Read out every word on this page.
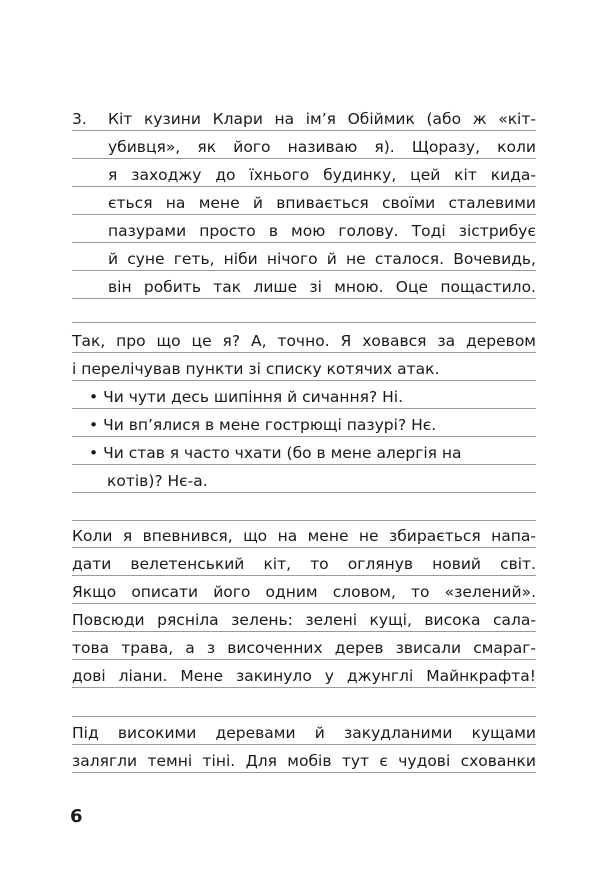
3. Кіт кузини Клари на ім’я Обіймик (або ж «кіт-
убивця», як його називаю я). Щоразу, коли
я заходжу до їхнього будинку, цей кіт кида-
ється на мене й впивається своїми сталевими
пазурами просто в мою голову. Тоді зістрибує
й суне геть, ніби нічого й не сталося. Вочевидь,
він робить так лише зі мною. Оце пощастило.
Так, про що це я? А, точно. Я ховався за деревом
і перелічував пункти зі списку котячих атак.
• Чи чути десь шипіння й сичання? Ні.
• Чи вп’ялися в мене гострющі пазурі? Нє.
• Чи став я часто чхати (бо в мене алергія на
котів)? Нє-а.
Коли я впевнився, що на мене не збирається напа-
дати велетенський кіт, то оглянув новий світ.
Якщо описати його одним словом, то «зелений».
Повсюди рясніла зелень: зелені кущі, висока сала-
това трава, а з височенних дерев звисали смараг-
дові ліани. Мене закинуло у джунглі Майнкрафта!
Під високими деревами й закудланими кущами
залягли темні тіні. Для мобів тут є чудові схованки
6
